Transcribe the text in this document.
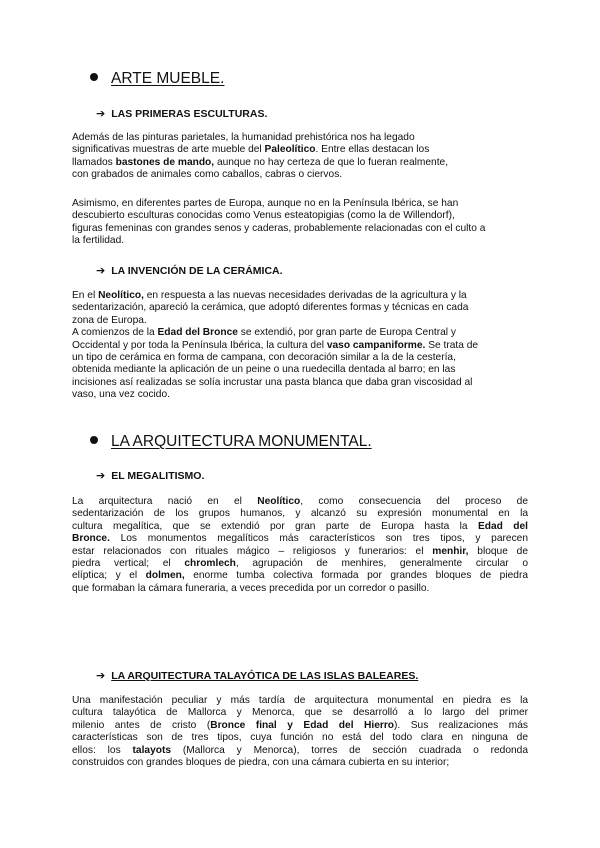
ARTE MUEBLE.
➔ LAS PRIMERAS ESCULTURAS.
Además de las pinturas parietales, la humanidad prehistórica nos ha legado
significativas muestras de arte mueble del Paleolítico. Entre ellas destacan los
llamados bastones de mando, aunque no hay certeza de que lo fueran realmente,
con grabados de animales como caballos, cabras o ciervos.
Asimismo, en diferentes partes de Europa, aunque no en la Península Ibérica, se han
descubierto esculturas conocidas como Venus esteatopigias (como la de Willendorf),
figuras femeninas con grandes senos y caderas, probablemente relacionadas con el culto a
la fertilidad.
➔ LA INVENCIÓN DE LA CERÁMICA.
En el Neolítico, en respuesta a las nuevas necesidades derivadas de la agricultura y la
sedentarización, apareció la cerámica, que adoptó diferentes formas y técnicas en cada
zona de Europa.
A comienzos de la Edad del Bronce se extendió, por gran parte de Europa Central y
Occidental y por toda la Península Ibérica, la cultura del vaso campaniforme. Se trata de
un tipo de cerámica en forma de campana, con decoración similar a la de la cestería,
obtenida mediante la aplicación de un peine o una ruedecilla dentada al barro; en las
incisiones así realizadas se solía incrustar una pasta blanca que daba gran viscosidad al
vaso, una vez cocido.
LA ARQUITECTURA MONUMENTAL.
➔ EL MEGALITISMO.
La arquitectura nació en el Neolítico, como consecuencia del proceso de
sedentarización de los grupos humanos, y alcanzó su expresión monumental en la
cultura megalítica, que se extendió por gran parte de Europa hasta la Edad del
Bronce. Los monumentos megalíticos más característicos son tres tipos, y parecen
estar relacionados con rituales mágico – religiosos y funerarios: el menhir, bloque de
piedra vertical; el chromlech, agrupación de menhires, generalmente circular o
elíptica; y el dolmen, enorme tumba colectiva formada por grandes bloques de piedra
que formaban la cámara funeraria, a veces precedida por un corredor o pasillo.
➔ LA ARQUITECTURA TALAYÓTICA DE LAS ISLAS BALEARES.
Una manifestación peculiar y más tardía de arquitectura monumental en piedra es la
cultura talayótica de Mallorca y Menorca, que se desarrolló a lo largo del primer
milenio antes de cristo (Bronce final y Edad del Hierro). Sus realizaciones más
características son de tres tipos, cuya función no está del todo clara en ninguna de
ellos: los talayots (Mallorca y Menorca), torres de sección cuadrada o redonda
construidos con grandes bloques de piedra, con una cámara cubierta en su interior;
